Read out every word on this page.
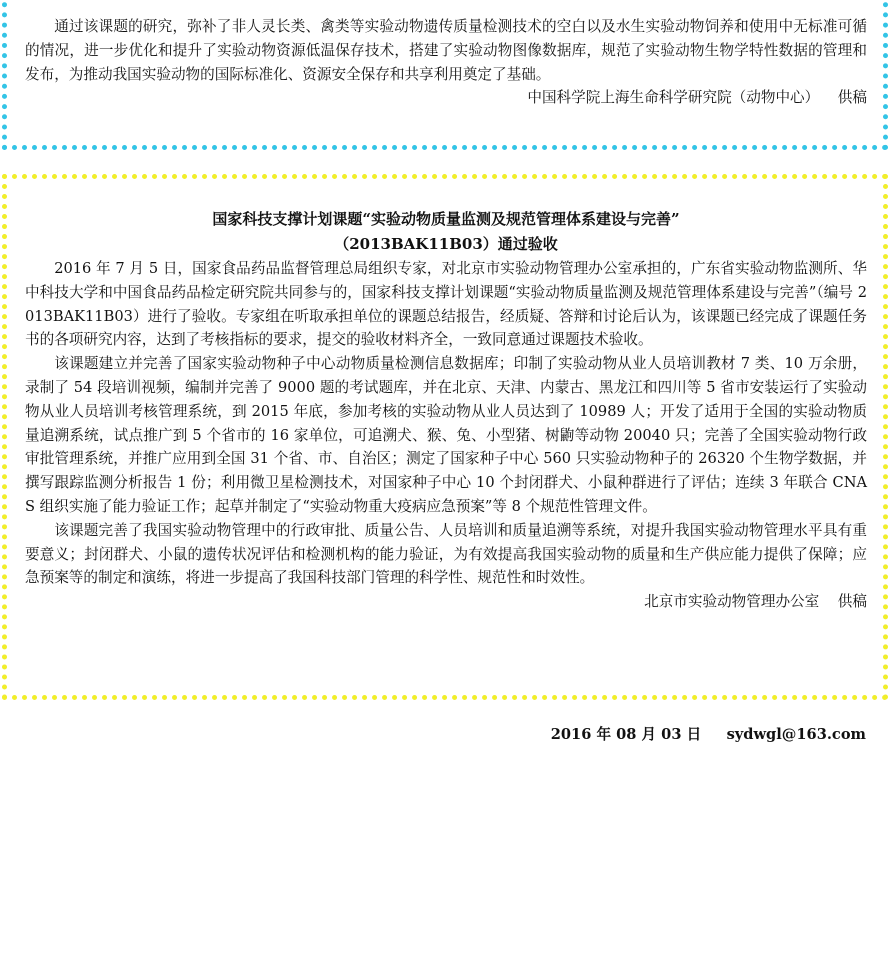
通过该课题的研究，弥补了非人灵长类、禽类等实验动物遗传质量检测技术的空白以及水生实验动物饲养和使用中无标准可循的情况，进一步优化和提升了实验动物资源低温保存技术，搭建了实验动物图像数据库，规范了实验动物生物学特性数据的管理和发布，为推动我国实验动物的国际标准化、资源安全保存和共享利用奠定了基础。

中国科学院上海生命科学研究院（动物中心） 供稿

国家科技支撑计划课题“实验动物质量监测及规范管理体系建设与完善”

（2013BAK11B03）通过验收

2016 年 7 月 5 日，国家食品药品监督管理总局组织专家，对北京市实验动物管理办公室承担的，广东省实验动物监测所、华中科技大学和中国食品药品检定研究院共同参与的，国家科技支撑计划课题“实验动物质量监测及规范管理体系建设与完善”（编号 2013BAK11B03）进行了验收。专家组在听取承担单位的课题总结报告，经质疑、答辩和讨论后认为，该课题已经完成了课题任务书的各项研究内容，达到了考核指标的要求，提交的验收材料齐全，一致同意通过课题技术验收。

该课题建立并完善了国家实验动物种子中心动物质量检测信息数据库；印制了实验动物从业人员培训教材 7 类、10 万余册，录制了 54 段培训视频，编制并完善了 9000 题的考试题库，并在北京、天津、内蒙古、黑龙江和四川等 5 省市安装运行了实验动物从业人员培训考核管理系统，到 2015 年底，参加考核的实验动物从业人员达到了 10989 人；开发了适用于全国的实验动物质量追溯系统，试点推广到 5 个省市的 16 家单位，可追溯犬、猴、兔、小型猪、树鼩等动物 20040 只；完善了全国实验动物行政审批管理系统，并推广应用到全国 31 个省、市、自治区；测定了国家种子中心 560 只实验动物种子的 26320 个生物学数据，并撰写跟踪监测分析报告 1 份；利用微卫星检测技术，对国家种子中心 10 个封闭群犬、小鼠种群进行了评估；连续 3 年联合 CNAS 组织实施了能力验证工作；起草并制定了“实验动物重大疫病应急预案”等 8 个规范性管理文件。

该课题完善了我国实验动物管理中的行政审批、质量公告、人员培训和质量追溯等系统，对提升我国实验动物管理水平具有重要意义；封闭群犬、小鼠的遗传状况评估和检测机构的能力验证，为有效提高我国实验动物的质量和生产供应能力提供了保障；应急预案等的制定和演练，将进一步提高了我国科技部门管理的科学性、规范性和时效性。

北京市实验动物管理办公室 供稿

2016 年 08 月 03 日 sydwgl@163.com
